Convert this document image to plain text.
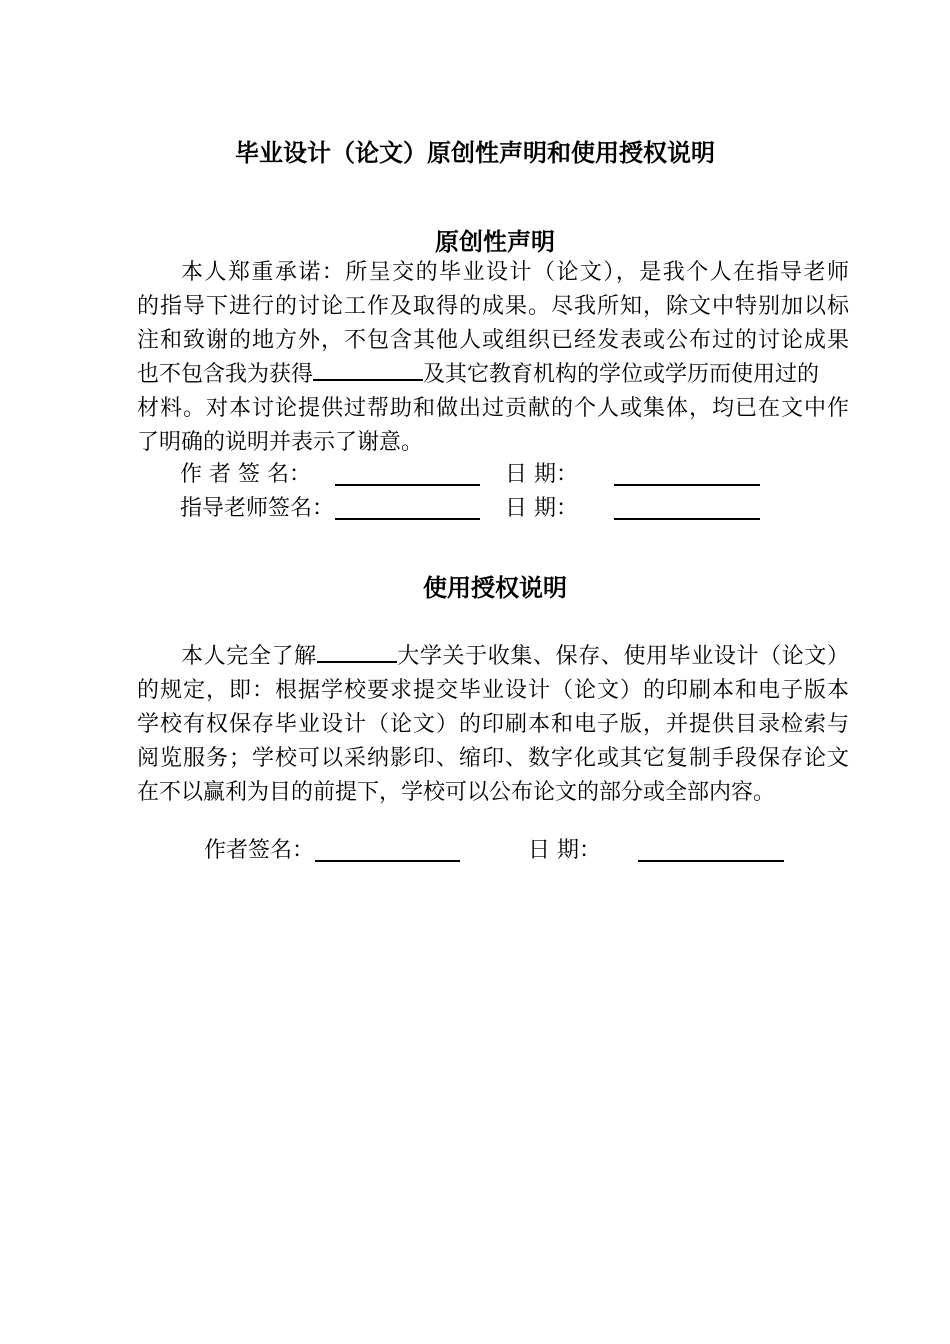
毕业设计（论文）原创性声明和使用授权说明
原创性声明
本人郑重承诺：所呈交的毕业设计（论文），是我个人在指导老师
的指导下进行的讨论工作及取得的成果。尽我所知，除文中特别加以标
注和致谢的地方外，不包含其他人或组织已经发表或公布过的讨论成果
也不包含我为获得	及其它教育机构的学位或学历而使用过的
材料。对本讨论提供过帮助和做出过贡献的个人或集体，均已在文中作
了明确的说明并表示了谢意。
作 者 签 名：	日 期：
指导老师签名：	日 期：
使用授权说明
本人完全了解	大学关于收集、保存、使用毕业设计（论文）
的规定，即：根据学校要求提交毕业设计（论文）的印刷本和电子版本
学校有权保存毕业设计（论文）的印刷本和电子版，并提供目录检索与
阅览服务；学校可以采纳影印、缩印、数字化或其它复制手段保存论文
在不以赢利为目的前提下，学校可以公布论文的部分或全部内容。
作者签名：	日 期：
